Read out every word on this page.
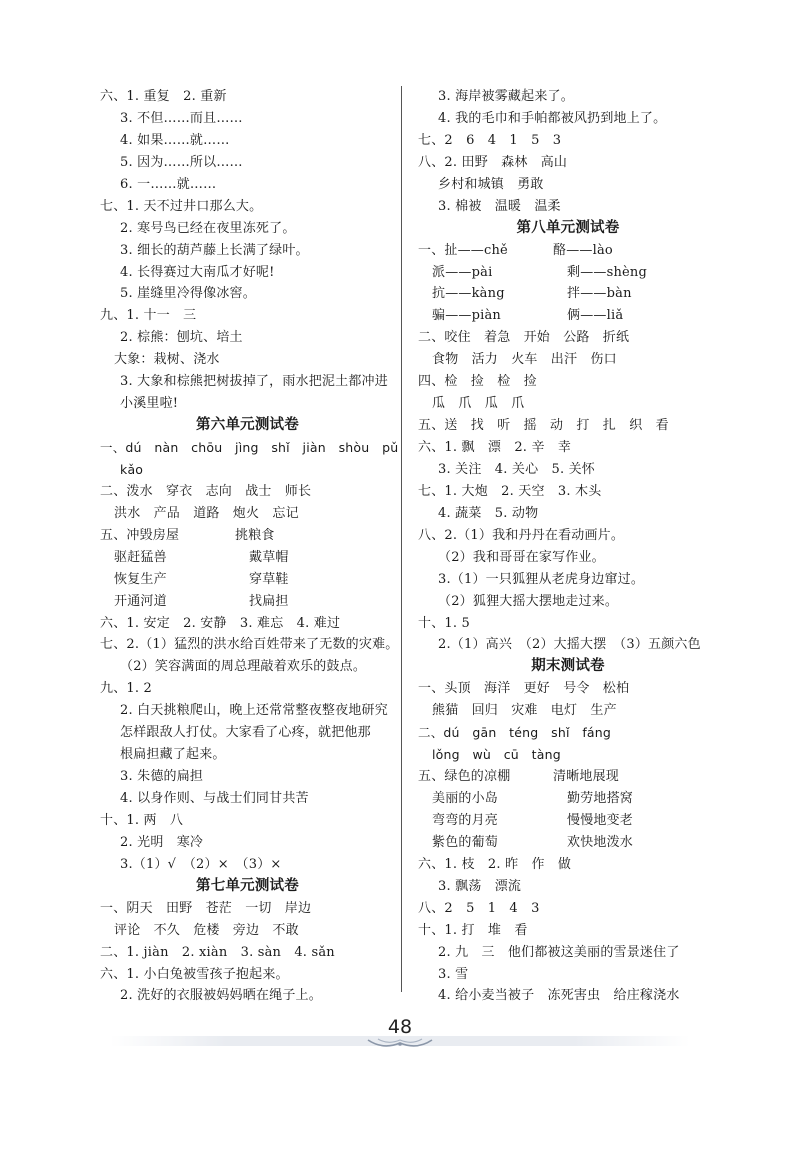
六、1. 重复　2. 重新
3. 不但……而且……
4. 如果……就……
5. 因为……所以……
6. 一……就……
七、1. 天不过井口那么大。
2. 寒号鸟已经在夜里冻死了。
3. 细长的葫芦藤上长满了绿叶。
4. 长得赛过大南瓜才好呢!
5. 崖缝里冷得像冰窖。
九、1. 十一　三
2. 棕熊：刨坑、培土
大象：栽树、浇水
3. 大象和棕熊把树拔掉了，雨水把泥土都冲进
小溪里啦!
第六单元测试卷
一、dú　nàn　chōu　jìng　shǐ　jiàn　shòu　pǔ
kǎo
二、泼水　穿衣　志向　战士　师长
洪水　产品　道路　炮火　忘记
五、冲毁房屋	挑粮食
驱赶猛兽	戴草帽
恢复生产	穿草鞋
开通河道	找扁担
六、1. 安定　2. 安静　3. 难忘　4. 难过
七、2.（1）猛烈的洪水给百姓带来了无数的灾难。
（2）笑容满面的周总理敲着欢乐的鼓点。
九、1. 2
2. 白天挑粮爬山，晚上还常常整夜整夜地研究
怎样跟敌人打仗。大家看了心疼，就把他那
根扁担藏了起来。
3. 朱德的扁担
4. 以身作则、与战士们同甘共苦
十、1. 两　八
2. 光明　寒冷
3.（1）√　（2）×　（3）×
第七单元测试卷
一、阴天　田野　苍茫　一切　岸边
评论　不久　危楼　旁边　不敢
二、1. jiàn　2. xiàn　3. sàn　4. sǎn
六、1. 小白兔被雪孩子抱起来。
2. 洗好的衣服被妈妈晒在绳子上。
3. 海岸被雾藏起来了。
4. 我的毛巾和手帕都被风扔到地上了。
七、2　6　4　1　5　3
八、2. 田野　森林　高山
乡村和城镇　勇敢
3. 棉被　温暖　温柔
第八单元测试卷
一、扯——chě	酪——lào
派——pài	剩——shèng
抗——kàng	拌——bàn
骗——piàn	俩——liǎ
二、咬住　着急　开始　公路　折纸
食物　活力　火车　出汗　伤口
四、检　捡　检　捡
瓜　爪　瓜　爪
五、送　找　听　摇　动　打　扎　织　看
六、1. 飘　漂　2. 辛　幸
3. 关注　4. 关心　5. 关怀
七、1. 大炮　2. 天空　3. 木头
4. 蔬菜　5. 动物
八、2.（1）我和丹丹在看动画片。
（2）我和哥哥在家写作业。
3.（1）一只狐狸从老虎身边窜过。
（2）狐狸大摇大摆地走过来。
十、1. 5
2.（1）高兴　（2）大摇大摆　（3）五颜六色
期末测试卷
一、头顶　海洋　更好　号令　松柏
熊猫　回归　灾难　电灯　生产
二、dú　gān　téng　shǐ　fáng
lǒng　wù　cū　tàng
五、绿色的凉棚	清晰地展现
美丽的小岛	勤劳地搭窝
弯弯的月亮	慢慢地变老
紫色的葡萄	欢快地泼水
六、1. 枝　2. 昨　作　做
3. 飘荡　漂流
八、2　5　1　4　3
十、1. 打　堆　看
2. 九　三　他们都被这美丽的雪景迷住了
3. 雪
4. 给小麦当被子　冻死害虫　给庄稼浇水
48
